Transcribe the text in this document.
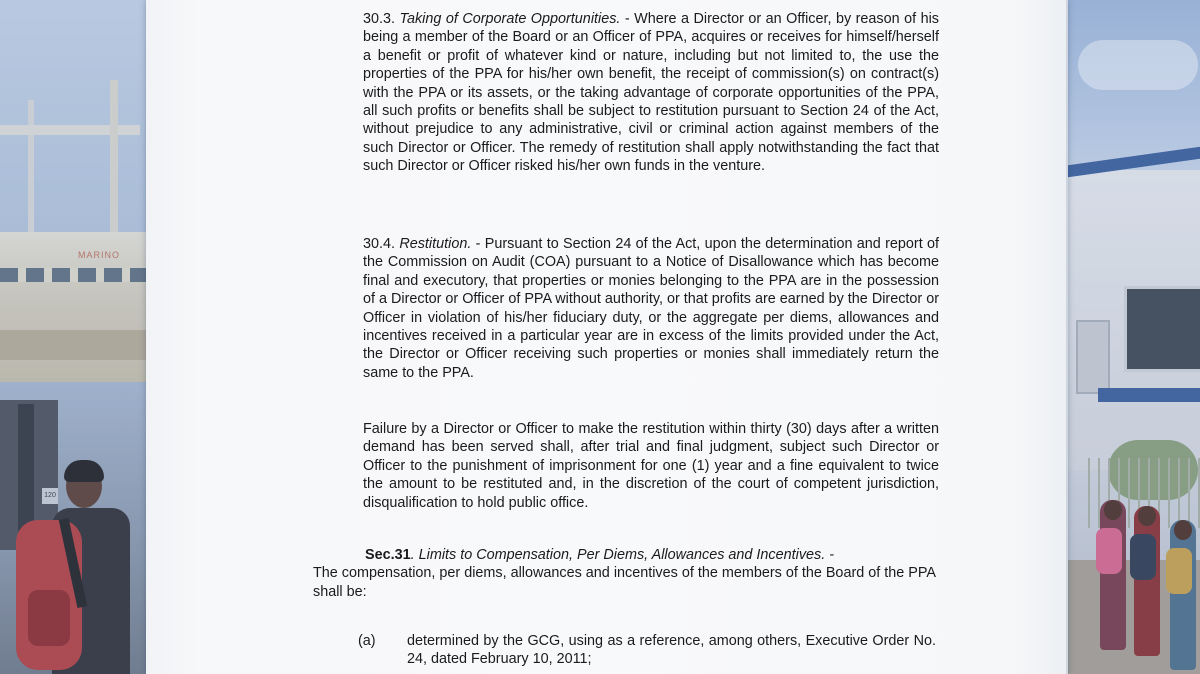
MARINO
120
30.3. Taking of Corporate Opportunities. - Where a Director or an Officer, by reason of his being a member of the Board or an Officer of PPA, acquires or receives for himself/herself a benefit or profit of whatever kind or nature, including but not limited to, the use the properties of the PPA for his/her own benefit, the receipt of commission(s) on contract(s) with the PPA or its assets, or the taking advantage of corporate opportunities of the PPA, all such profits or benefits shall be subject to restitution pursuant to Section 24 of the Act, without prejudice to any administrative, civil or criminal action against members of the such Director or Officer. The remedy of restitution shall apply notwithstanding the fact that such Director or Officer risked his/her own funds in the venture.
30.4. Restitution. - Pursuant to Section 24 of the Act, upon the determination and report of the Commission on Audit (COA) pursuant to a Notice of Disallowance which has become final and executory, that properties or monies belonging to the PPA are in the possession of a Director or Officer of PPA without authority, or that profits are earned by the Director or Officer in violation of his/her fiduciary duty, or the aggregate per diems, allowances and incentives received in a particular year are in excess of the limits provided under the Act, the Director or Officer receiving such properties or monies shall immediately return the same to the PPA.
Failure by a Director or Officer to make the restitution within thirty (30) days after a written demand has been served shall, after trial and final judgment, subject such Director or Officer to the punishment of imprisonment for one (1) year and a fine equivalent to twice the amount to be restituted and, in the discretion of the court of competent jurisdiction, disqualification to hold public office.
Sec.31. Limits to Compensation, Per Diems, Allowances and Incentives. -
The compensation, per diems, allowances and incentives of the members of the Board of the PPA shall be:
(a) determined by the GCG, using as a reference, among others, Executive Order No. 24, dated February 10, 2011;
